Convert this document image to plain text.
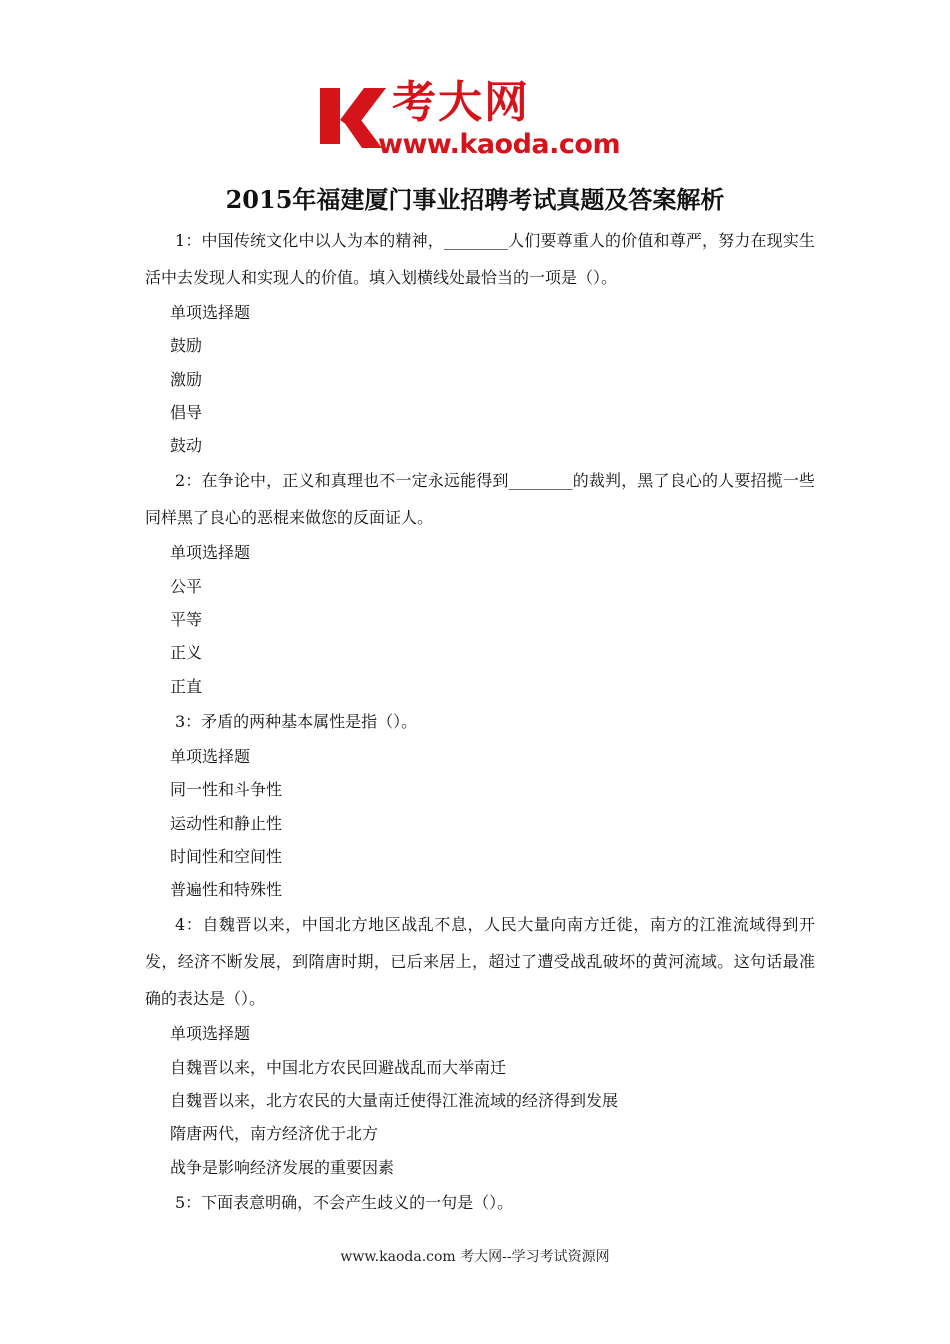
考大网
www.kaoda.com
2015年福建厦门事业招聘考试真题及答案解析

1：中国传统文化中以人为本的精神，________人们要尊重人的价值和尊严，努力在现实生活中去发现人和实现人的价值。填入划横线处最恰当的一项是（）。

单项选择题

鼓励

激励

倡导

鼓动

2：在争论中，正义和真理也不一定永远能得到________的裁判，黑了良心的人要招揽一些同样黑了良心的恶棍来做您的反面证人。

单项选择题

公平

平等

正义

正直

3：矛盾的两种基本属性是指（）。

单项选择题

同一性和斗争性

运动性和静止性

时间性和空间性

普遍性和特殊性

4：自魏晋以来，中国北方地区战乱不息，人民大量向南方迁徙，南方的江淮流域得到开发，经济不断发展，到隋唐时期，已后来居上，超过了遭受战乱破坏的黄河流域。这句话最准确的表达是（）。

单项选择题

自魏晋以来，中国北方农民回避战乱而大举南迁

自魏晋以来，北方农民的大量南迁使得江淮流域的经济得到发展

隋唐两代，南方经济优于北方

战争是影响经济发展的重要因素

5：下面表意明确，不会产生歧义的一句是（）。

www.kaoda.com 考大网--学习考试资源网
